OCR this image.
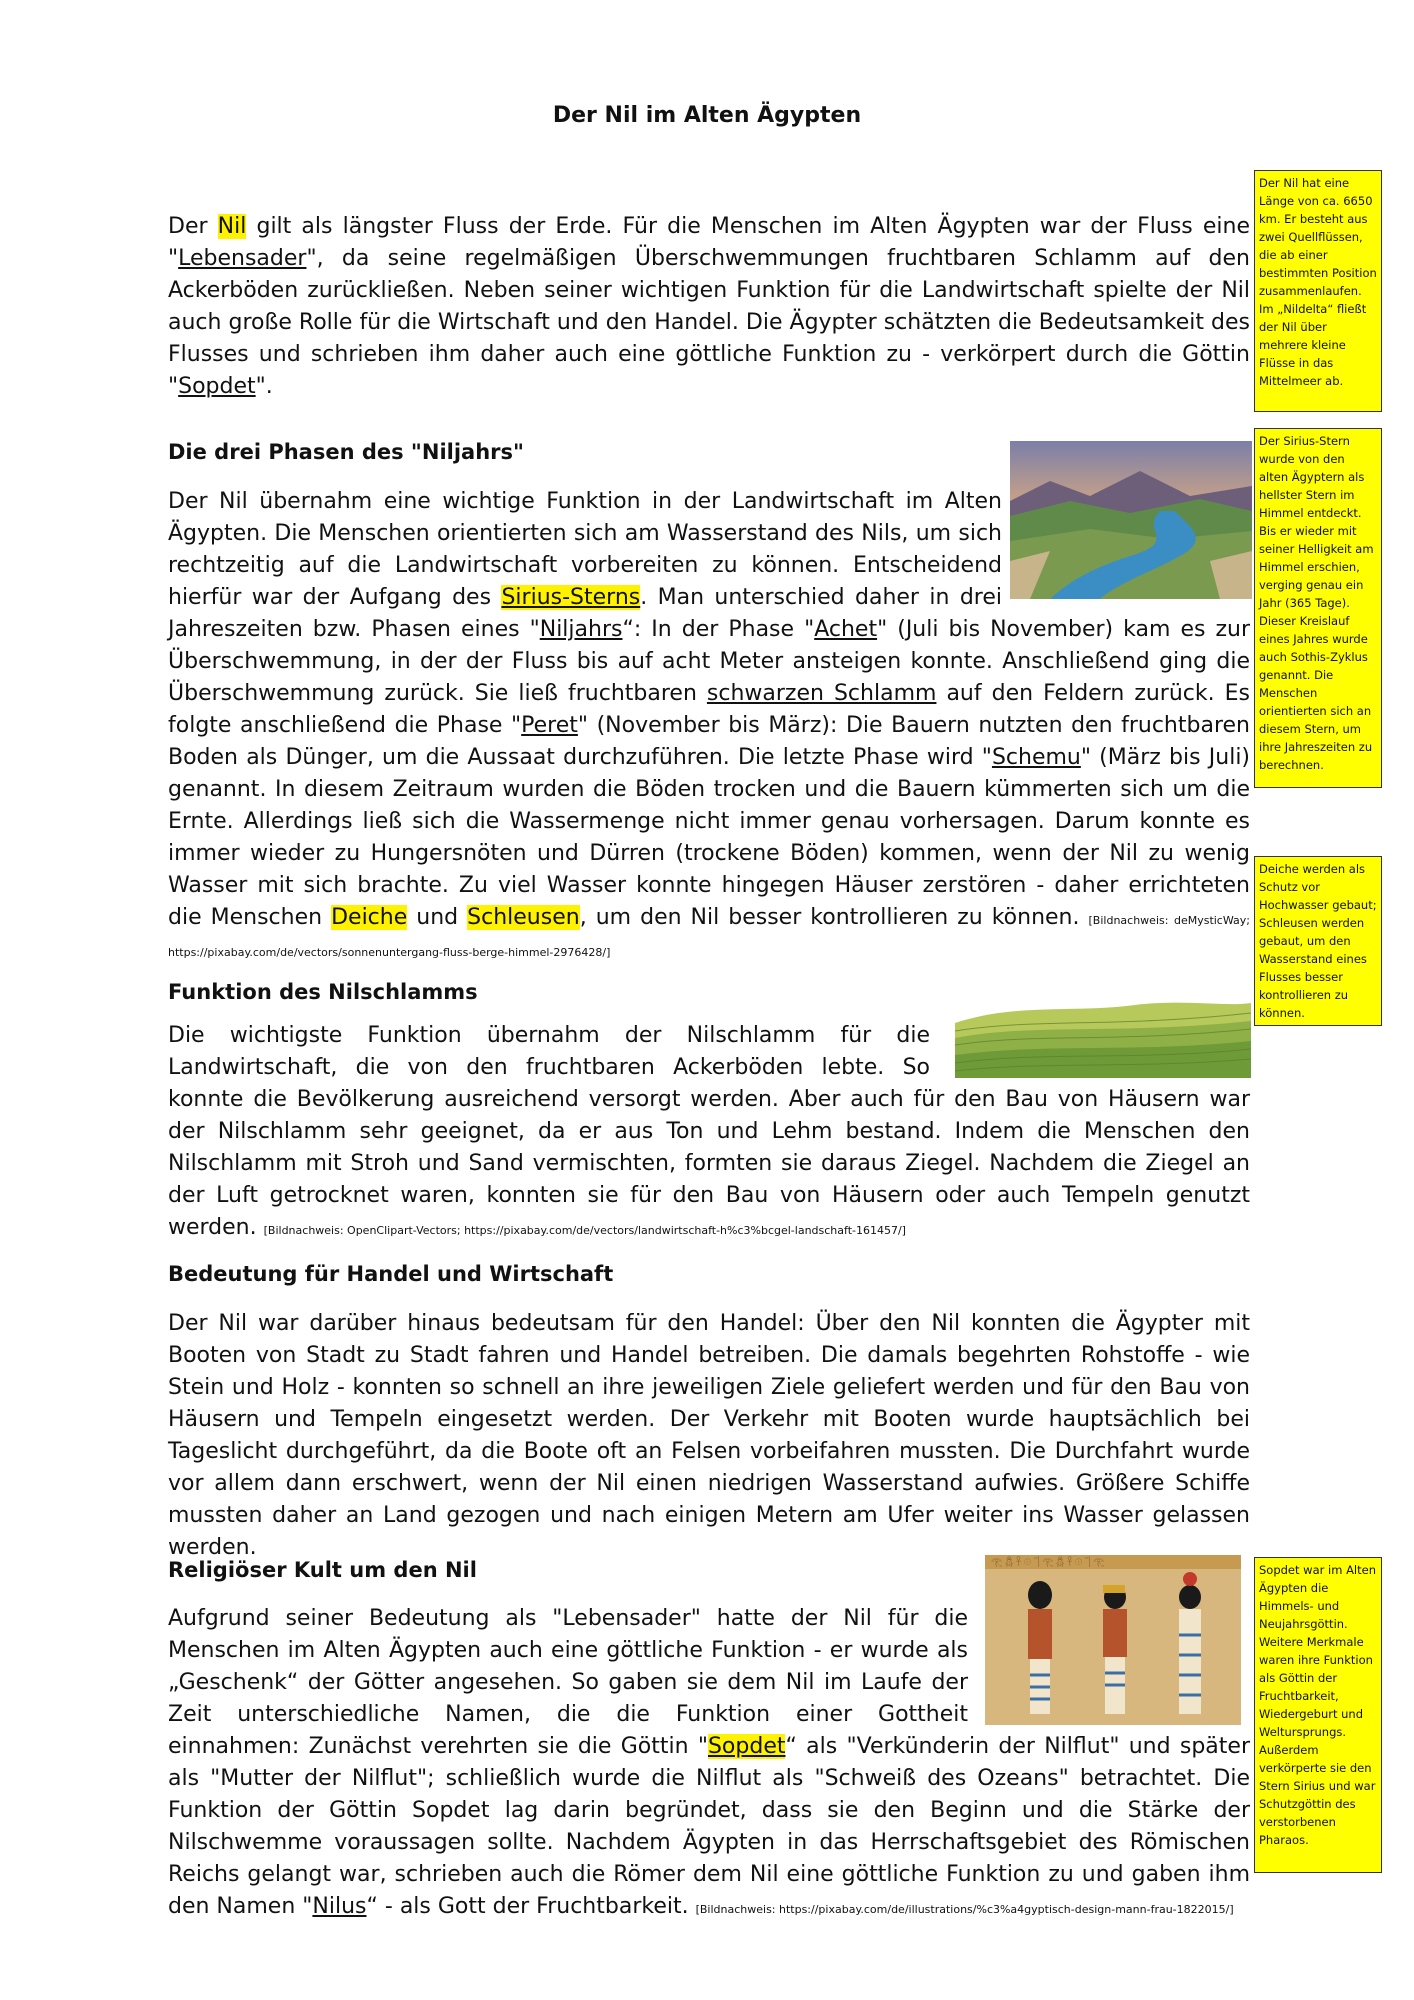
Der Nil im Alten Ägypten

Der Nil gilt als längster Fluss der Erde. Für die Menschen im Alten Ägypten war der Fluss eine "Lebensader", da seine regelmäßigen Überschwemmungen fruchtbaren Schlamm auf den Ackerböden zurückließen. Neben seiner wichtigen Funktion für die Landwirtschaft spielte der Nil auch große Rolle für die Wirtschaft und den Handel. Die Ägypter schätzten die Bedeutsamkeit des Flusses und schrieben ihm daher auch eine göttliche Funktion zu - verkörpert durch die Göttin "Sopdet".

Die drei Phasen des "Niljahrs"

Der Nil übernahm eine wichtige Funktion in der Landwirtschaft im Alten Ägypten. Die Menschen orientierten sich am Wasserstand des Nils, um sich rechtzeitig auf die Landwirtschaft vorbereiten zu können. Entscheidend hierfür war der Aufgang des Sirius-Sterns. Man unterschied daher in drei Jahreszeiten bzw. Phasen eines "Niljahrs“: In der Phase "Achet" (Juli bis November) kam es zur Überschwemmung, in der der Fluss bis auf acht Meter ansteigen konnte. Anschließend ging die Überschwemmung zurück. Sie ließ fruchtbaren schwarzen Schlamm auf den Feldern zurück. Es folgte anschließend die Phase "Peret" (November bis März): Die Bauern nutzten den fruchtbaren Boden als Dünger, um die Aussaat durchzuführen. Die letzte Phase wird "Schemu" (März bis Juli) genannt. In diesem Zeitraum wurden die Böden trocken und die Bauern kümmerten sich um die Ernte. Allerdings ließ sich die Wassermenge nicht immer genau vorhersagen. Darum konnte es immer wieder zu Hungersnöten und Dürren (trockene Böden) kommen, wenn der Nil zu wenig Wasser mit sich brachte. Zu viel Wasser konnte hingegen Häuser zerstören - daher errichteten die Menschen Deiche und Schleusen, um den Nil besser kontrollieren zu können. [Bildnachweis: deMysticWay; https://pixabay.com/de/vectors/sonnenuntergang-fluss-berge-himmel-2976428/]

Funktion des Nilschlamms

Die wichtigste Funktion übernahm der Nilschlamm für die Landwirtschaft, die von den fruchtbaren Ackerböden lebte. So konnte die Bevölkerung ausreichend versorgt werden. Aber auch für den Bau von Häusern war der Nilschlamm sehr geeignet, da er aus Ton und Lehm bestand. Indem die Menschen den Nilschlamm mit Stroh und Sand vermischten, formten sie daraus Ziegel. Nachdem die Ziegel an der Luft getrocknet waren, konnten sie für den Bau von Häusern oder auch Tempeln genutzt werden. [Bildnachweis: OpenClipart-Vectors; https://pixabay.com/de/vectors/landwirtschaft-h%c3%bcgel-landschaft-161457/]

Bedeutung für Handel und Wirtschaft

Der Nil war darüber hinaus bedeutsam für den Handel: Über den Nil konnten die Ägypter mit Booten von Stadt zu Stadt fahren und Handel betreiben. Die damals begehrten Rohstoffe - wie Stein und Holz - konnten so schnell an ihre jeweiligen Ziele geliefert werden und für den Bau von Häusern und Tempeln eingesetzt werden. Der Verkehr mit Booten wurde hauptsächlich bei Tageslicht durchgeführt, da die Boote oft an Felsen vorbeifahren mussten. Die Durchfahrt wurde vor allem dann erschwert, wenn der Nil einen niedrigen Wasserstand aufwies. Größere Schiffe mussten daher an Land gezogen und nach einigen Metern am Ufer weiter ins Wasser gelassen werden.

Religiöser Kult um den Nil	𓂀 𓆣 𓋹 𓇳 𓊹 𓂀 𓆣 𓋹 𓇳 𓊹 𓂀

Aufgrund seiner Bedeutung als "Lebensader" hatte der Nil für die Menschen im Alten Ägypten auch eine göttliche Funktion - er wurde als „Geschenk“ der Götter angesehen. So gaben sie dem Nil im Laufe der Zeit unterschiedliche Namen, die die Funktion einer Gottheit einnahmen: Zunächst verehrten sie die Göttin "Sopdet“ als "Verkünderin der Nilflut" und später als "Mutter der Nilflut"; schließlich wurde die Nilflut als "Schweiß des Ozeans" betrachtet. Die Funktion der Göttin Sopdet lag darin begründet, dass sie den Beginn und die Stärke der Nilschwemme voraussagen sollte. Nachdem Ägypten in das Herrschaftsgebiet des Römischen Reichs gelangt war, schrieben auch die Römer dem Nil eine göttliche Funktion zu und gaben ihm den Namen "Nilus“ - als Gott der Fruchtbarkeit. [Bildnachweis: https://pixabay.com/de/illustrations/%c3%a4gyptisch-design-mann-frau-1822015/]

Der Nil hat eine Länge von ca. 6650 km. Er besteht aus zwei Quellflüssen, die ab einer bestimmten Position zusammenlaufen. Im „Nildelta“ fließt der Nil über mehrere kleine Flüsse in das Mittelmeer ab.
Der Sirius-Stern wurde von den alten Ägyptern als hellster Stern im Himmel entdeckt. Bis er wieder mit seiner Helligkeit am Himmel erschien, verging genau ein Jahr (365 Tage). Dieser Kreislauf eines Jahres wurde auch Sothis-Zyklus genannt. Die Menschen orientierten sich an diesem Stern, um ihre Jahreszeiten zu berechnen.
Deiche werden als Schutz vor Hochwasser gebaut; Schleusen werden gebaut, um den Wasserstand eines Flusses besser kontrollieren zu können.
Sopdet war im Alten Ägypten die Himmels- und Neujahrsgöttin. Weitere Merkmale waren ihre Funktion als Göttin der Fruchtbarkeit, Wiedergeburt und Weltursprungs. Außerdem verkörperte sie den Stern Sirius und war Schutzgöttin des verstorbenen Pharaos.
